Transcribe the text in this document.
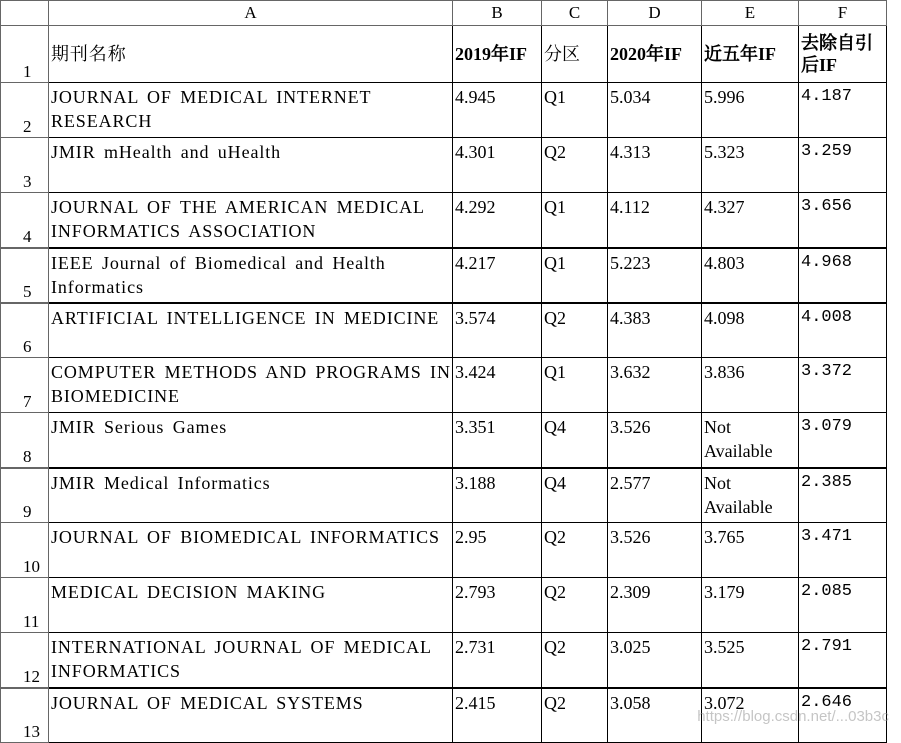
	A	B	C	D	E	F
1	期刊名称	2019年IF	分区	2020年IF	近五年IF	去除自引后IF
2	JOURNAL OF MEDICAL INTERNET RESEARCH	4.945	Q1	5.034	5.996	4.187
3	JMIR mHealth and uHealth	4.301	Q2	4.313	5.323	3.259
4	JOURNAL OF THE AMERICAN MEDICAL INFORMATICS ASSOCIATION	4.292	Q1	4.112	4.327	3.656
5	IEEE Journal of Biomedical and Health Informatics	4.217	Q1	5.223	4.803	4.968
6	ARTIFICIAL INTELLIGENCE IN MEDICINE	3.574	Q2	4.383	4.098	4.008
7	COMPUTER METHODS AND PROGRAMS IN BIOMEDICINE	3.424	Q1	3.632	3.836	3.372
8	JMIR Serious Games	3.351	Q4	3.526	Not Available	3.079
9	JMIR Medical Informatics	3.188	Q4	2.577	Not Available	2.385
10	JOURNAL OF BIOMEDICAL INFORMATICS	2.95	Q2	3.526	3.765	3.471
11	MEDICAL DECISION MAKING	2.793	Q2	2.309	3.179	2.085
12	INTERNATIONAL JOURNAL OF MEDICAL INFORMATICS	2.731	Q2	3.025	3.525	2.791
13	JOURNAL OF MEDICAL SYSTEMS	2.415	Q2	3.058	3.072	2.646
https://blog.csdn.net/...03b3c
